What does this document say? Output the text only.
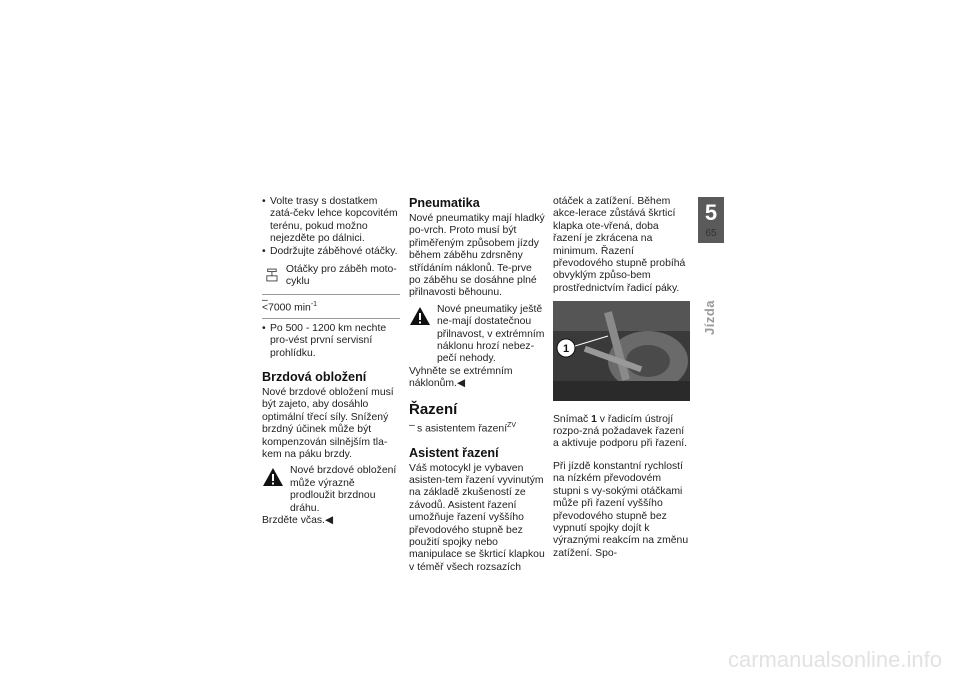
• Volte trasy s dostatkem zatá-čekv lehce kopcovitém terénu, pokud možno nejezděte po dálnici.
• Dodržujte záběhové otáčky.
Otáčky pro záběh moto-cyklu
– <7000 $\min^{-1}$
• Po 500 - 1200 km nechte pro-vést první servisní prohlídku.
Brzdová obložení

Nové brzdové obložení musí být zajeto, aby dosáhlo optimální třecí síly. Snížený brzdný účinek může být kompenzován silnějším tla-kem na páku brzdy.

Nové brzdové obložení může výrazně prodloužit brzdnou dráhu.

Brzděte včas.◀

Pneumatika

Nové pneumatiky mají hladký po-vrch. Proto musí být přiměřeným způsobem jízdy během záběhu zdrsněny střídáním náklonů. Te-prve po záběhu se dosáhne plné přilnavosti běhounu.

Nové pneumatiky ještě ne-mají dostatečnou přilnavost, v extrémním náklonu hrozí nebez-pečí nehody.

Vyhněte se extrémním náklonům.◀

Řazení
– s asistentem řazení$^{ZV}$
Asistent řazení

Váš motocykl je vybaven asisten-tem řazení vyvinutým na základě zkušeností ze závodů. Asistent řazení umožňuje řazení vyššího převodového stupně bez použití spojky nebo manipulace se škrticí klapkou v téměř všech rozsazích

otáček a zatížení. Během akce-lerace zůstává škrticí klapka ote-vřená, doba řazení je zkrácena na minimum. Řazení převodového stupně probíhá obvyklým způso-bem prostřednictvím řadicí páky.

1

Snímač 1 v řadicím ústrojí rozpo-zná požadavek řazení a aktivuje podporu při řazení.

Při jízdě konstantní rychlostí na nízkém převodovém stupni s vy-sokými otáčkami může při řazení vyššího převodového stupně bez vypnutí spojky dojít k výraznými reakcím na změnu zatížení. Spo-

5
65
Jízda
carmanualsonline.info
